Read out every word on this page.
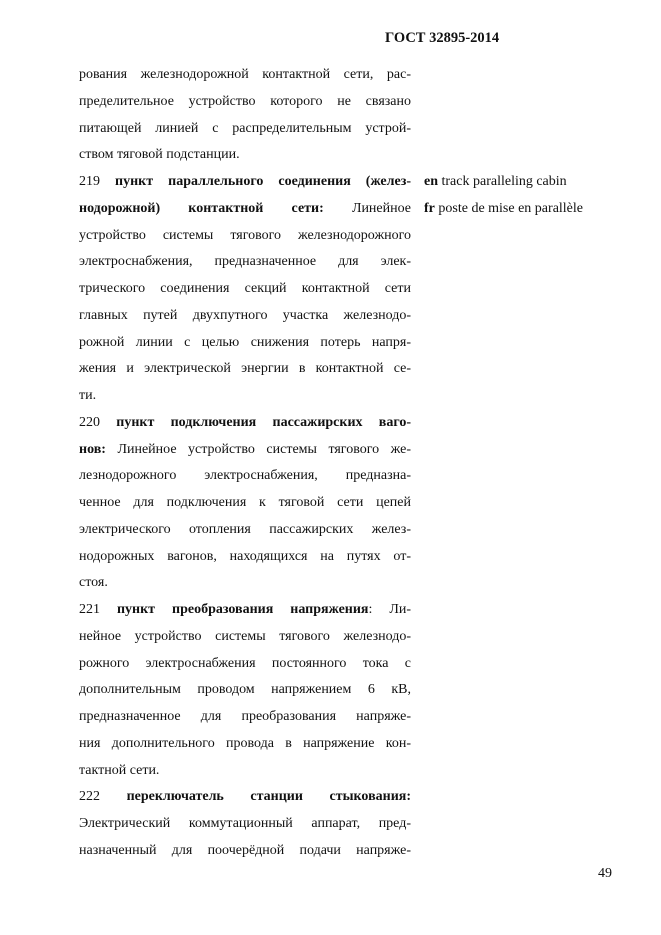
ГОСТ 32895-2014
рования железнодорожной контактной сети, рас-
пределительное устройство которого не связано
питающей линией с распределительным устрой-
ством тяговой подстанции.
219 пункт параллельного соединения (желез-
нодорожной) контактной сети: Линейное
устройство системы тягового железнодорожного
электроснабжения, предназначенное для элек-
трического соединения секций контактной сети
главных путей двухпутного участка железнодо-
рожной линии с целью снижения потерь напря-
жения и электрической энергии в контактной се-
ти.
220 пункт подключения пассажирских ваго-
нов: Линейное устройство системы тягового же-
лезнодорожного электроснабжения, предназна-
ченное для подключения к тяговой сети цепей
электрического отопления пассажирских желез-
нодорожных вагонов, находящихся на путях от-
стоя.
221 пункт преобразования напряжения: Ли-
нейное устройство системы тягового железнодо-
рожного электроснабжения постоянного тока с
дополнительным проводом напряжением 6 кВ,
предназначенное для преобразования напряже-
ния дополнительного провода в напряжение кон-
тактной сети.
222 переключатель станции стыкования:
Электрический коммутационный аппарат, пред-
назначенный для поочерёдной подачи напряже-
en track paralleling cabin
fr poste de mise en parallèle
49
